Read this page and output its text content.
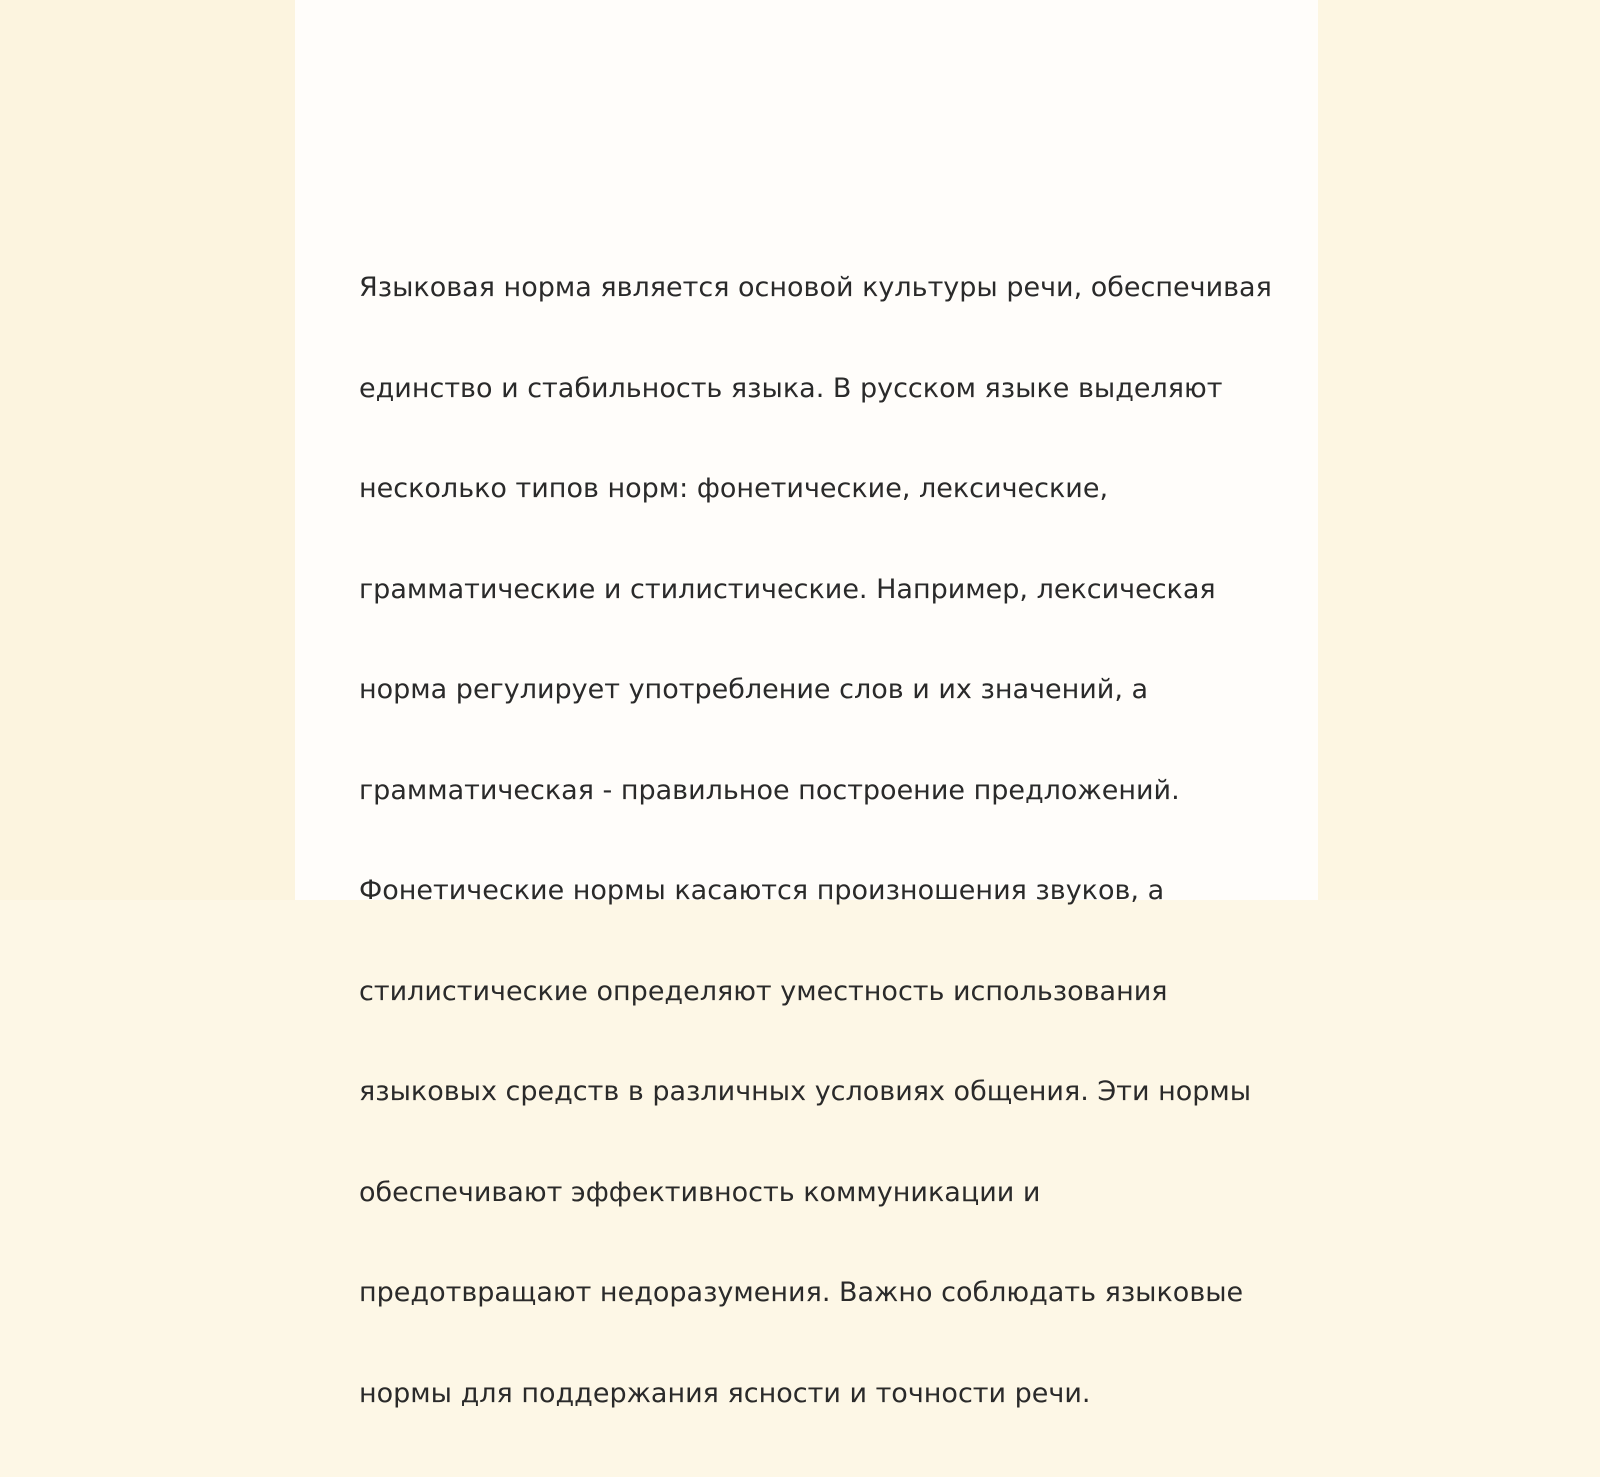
Языковая норма является основой культуры речи, обеспечивая

единство и стабильность языка. В русском языке выделяют

несколько типов норм: фонетические, лексические,

грамматические и стилистические. Например, лексическая

норма регулирует употребление слов и их значений, а

грамматическая - правильное построение предложений.

Фонетические нормы касаются произношения звуков, а

стилистические определяют уместность использования

языковых средств в различных условиях общения. Эти нормы

обеспечивают эффективность коммуникации и

предотвращают недоразумения. Важно соблюдать языковые

нормы для поддержания ясности и точности речи.
